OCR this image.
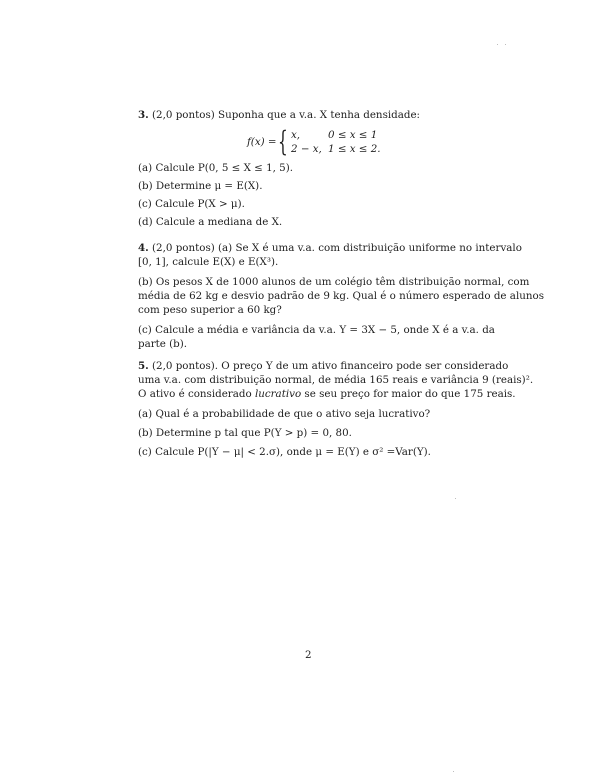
3. (2,0 pontos) Suponha que a v.a. X tenha densidade:
f(x) = { x,	0 ≤ x ≤ 1
2 − x, 1 ≤ x ≤ 2.
(a) Calcule P(0, 5 ≤ X ≤ 1, 5).
(b) Determine μ = E(X).
(c) Calcule P(X > μ).
(d) Calcule a mediana de X.
4. (2,0 pontos) (a) Se X é uma v.a. com distribuição uniforme no intervalo
[0, 1], calcule E(X) e E(X³).
(b) Os pesos X de 1000 alunos de um colégio têm distribuição normal, com
média de 62 kg e desvio padrão de 9 kg. Qual é o número esperado de alunos
com peso superior a 60 kg?
(c) Calcule a média e variância da v.a. Y = 3X − 5, onde X é a v.a. da
parte (b).
5. (2,0 pontos). O preço Y de um ativo financeiro pode ser considerado
uma v.a. com distribuição normal, de média 165 reais e variância 9 (reais)².
O ativo é considerado lucrativo se seu preço for maior do que 175 reais.
(a) Qual é a probabilidade de que o ativo seja lucrativo?
(b) Determine p tal que P(Y > p) = 0, 80.
(c) Calcule P(|Y − μ| < 2.σ), onde μ = E(Y) e σ² =Var(Y).
2
